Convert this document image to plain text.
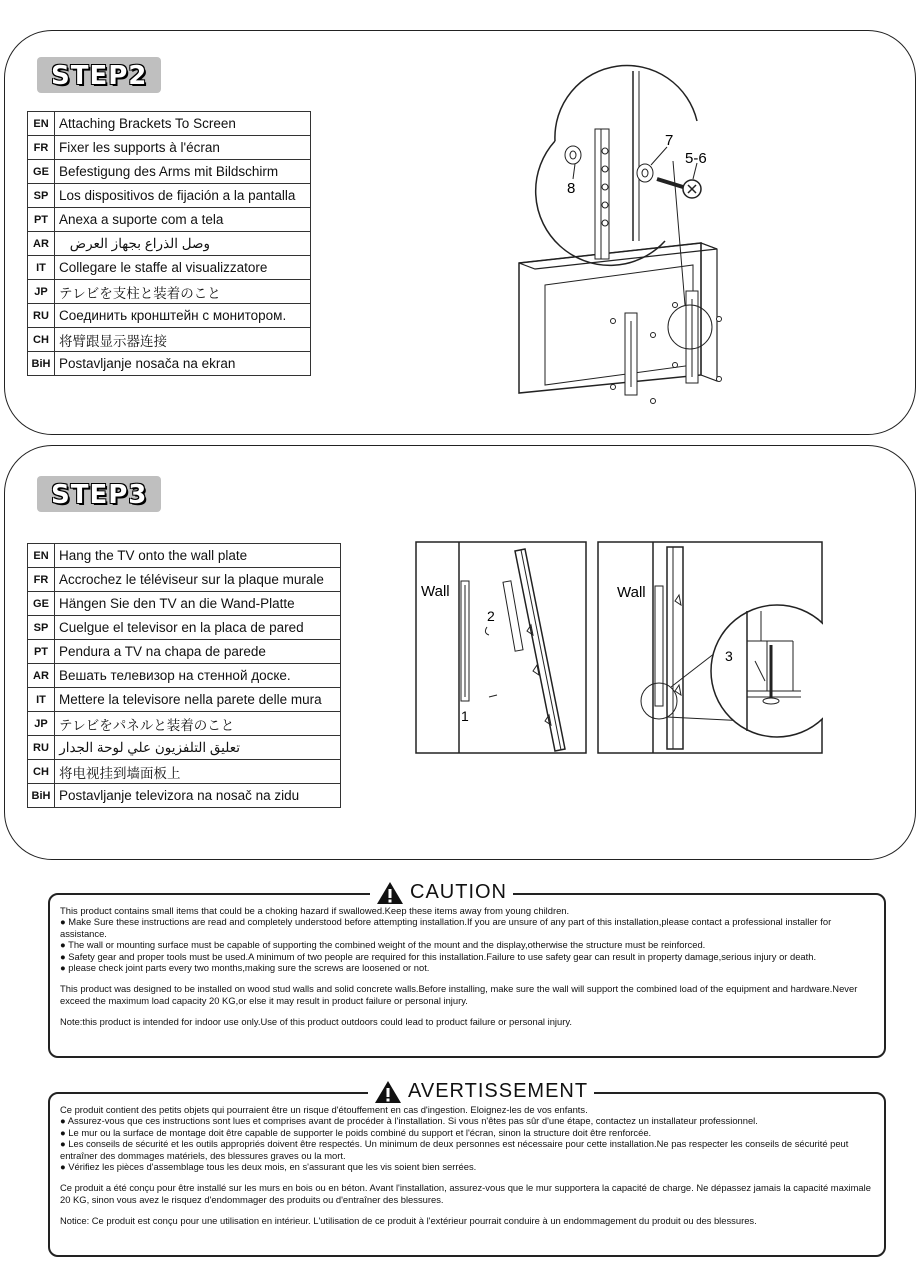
STEP2
EN	Attaching Brackets To Screen
FR	Fixer les supports à l'écran
GE	Befestigung des Arms mit Bildschirm
SP	Los dispositivos de fijación a la pantalla
PT	Anexa a suporte com a tela
AR	وصل الذراع بجهاز العرض
IT	Collegare le staffe al visualizzatore
JP	テレビを支柱と装着のこと
RU	Соединить кронштейн с монитором.
CH	将臂跟显示器连接
BiH	Postavljanje nosača na ekran
8
7
5-6
STEP3
EN	Hang the TV onto the wall plate
FR	Accrochez le téléviseur sur la plaque murale
GE	Hängen Sie den TV an die Wand-Platte
SP	Cuelgue el televisor en la placa de pared
PT	Pendura a TV na chapa de parede
AR	Вешать телевизор на стенной доске.
IT	Mettere la televisore nella parete delle mura
JP	テレビをパネルと装着のこと
RU	تعليق التلفزيون علي لوحة الجدار
CH	将电视挂到墙面板上
BiH	Postavljanje televizora na nosač na zidu
Wall
2
1
Wall
3
CAUTION

This product contains small items that could be a choking hazard if swallowed.Keep these items away from young children.

● Make Sure these instructions are read and completely understood before attempting installation.If you are unsure of any part of this installation,please contact a professional installer for assistance.

● The wall or mounting surface must be capable of supporting the combined weight of the mount and the display,otherwise the structure must be reinforced.

● Safety gear and proper tools must be used.A minimum of two people are required for this installation.Failure to use safety gear can result in property damage,serious injury or death.

● please check joint parts every two months,making sure the screws are loosened or not.

This product was designed to be installed on wood stud walls and solid concrete walls.Before installing, make sure the wall will support the combined load of the equipment and hardware.Never exceed the maximum load capacity 20 KG,or else it may result in product failure or personal injury.

Note:this product is intended for indoor use only.Use of this product outdoors could lead to product failure or personal injury.

AVERTISSEMENT

Ce produit contient des petits objets qui pourraient être un risque d'étouffement en cas d'ingestion. Eloignez-les de vos enfants.

● Assurez-vous que ces instructions sont lues et comprises avant de procéder à l'installation. Si vous n'êtes pas sûr d'une étape, contactez un installateur professionnel.

● Le mur ou la surface de montage doit être capable de supporter le poids combiné du support et l'écran, sinon la structure doit être renforcée.

● Les conseils de sécurité et les outils appropriés doivent être respectés. Un minimum de deux personnes est nécessaire pour cette installation.Ne pas respecter les conseils de sécurité peut entraîner des dommages matériels, des blessures graves ou la mort.

● Vérifiez les pièces d'assemblage tous les deux mois, en s'assurant que les vis soient bien serrées.

Ce produit a été conçu pour être installé sur les murs en bois ou en béton. Avant l'installation, assurez-vous que le mur supportera la capacité de charge. Ne dépassez jamais la capacité maximale 20 KG, sinon vous avez le risquez d'endommager des produits ou d'entraîner des blessures.

Notice: Ce produit est conçu pour une utilisation en intérieur. L'utilisation de ce produit à l'extérieur pourrait conduire à un endommagement du produit ou des blessures.
